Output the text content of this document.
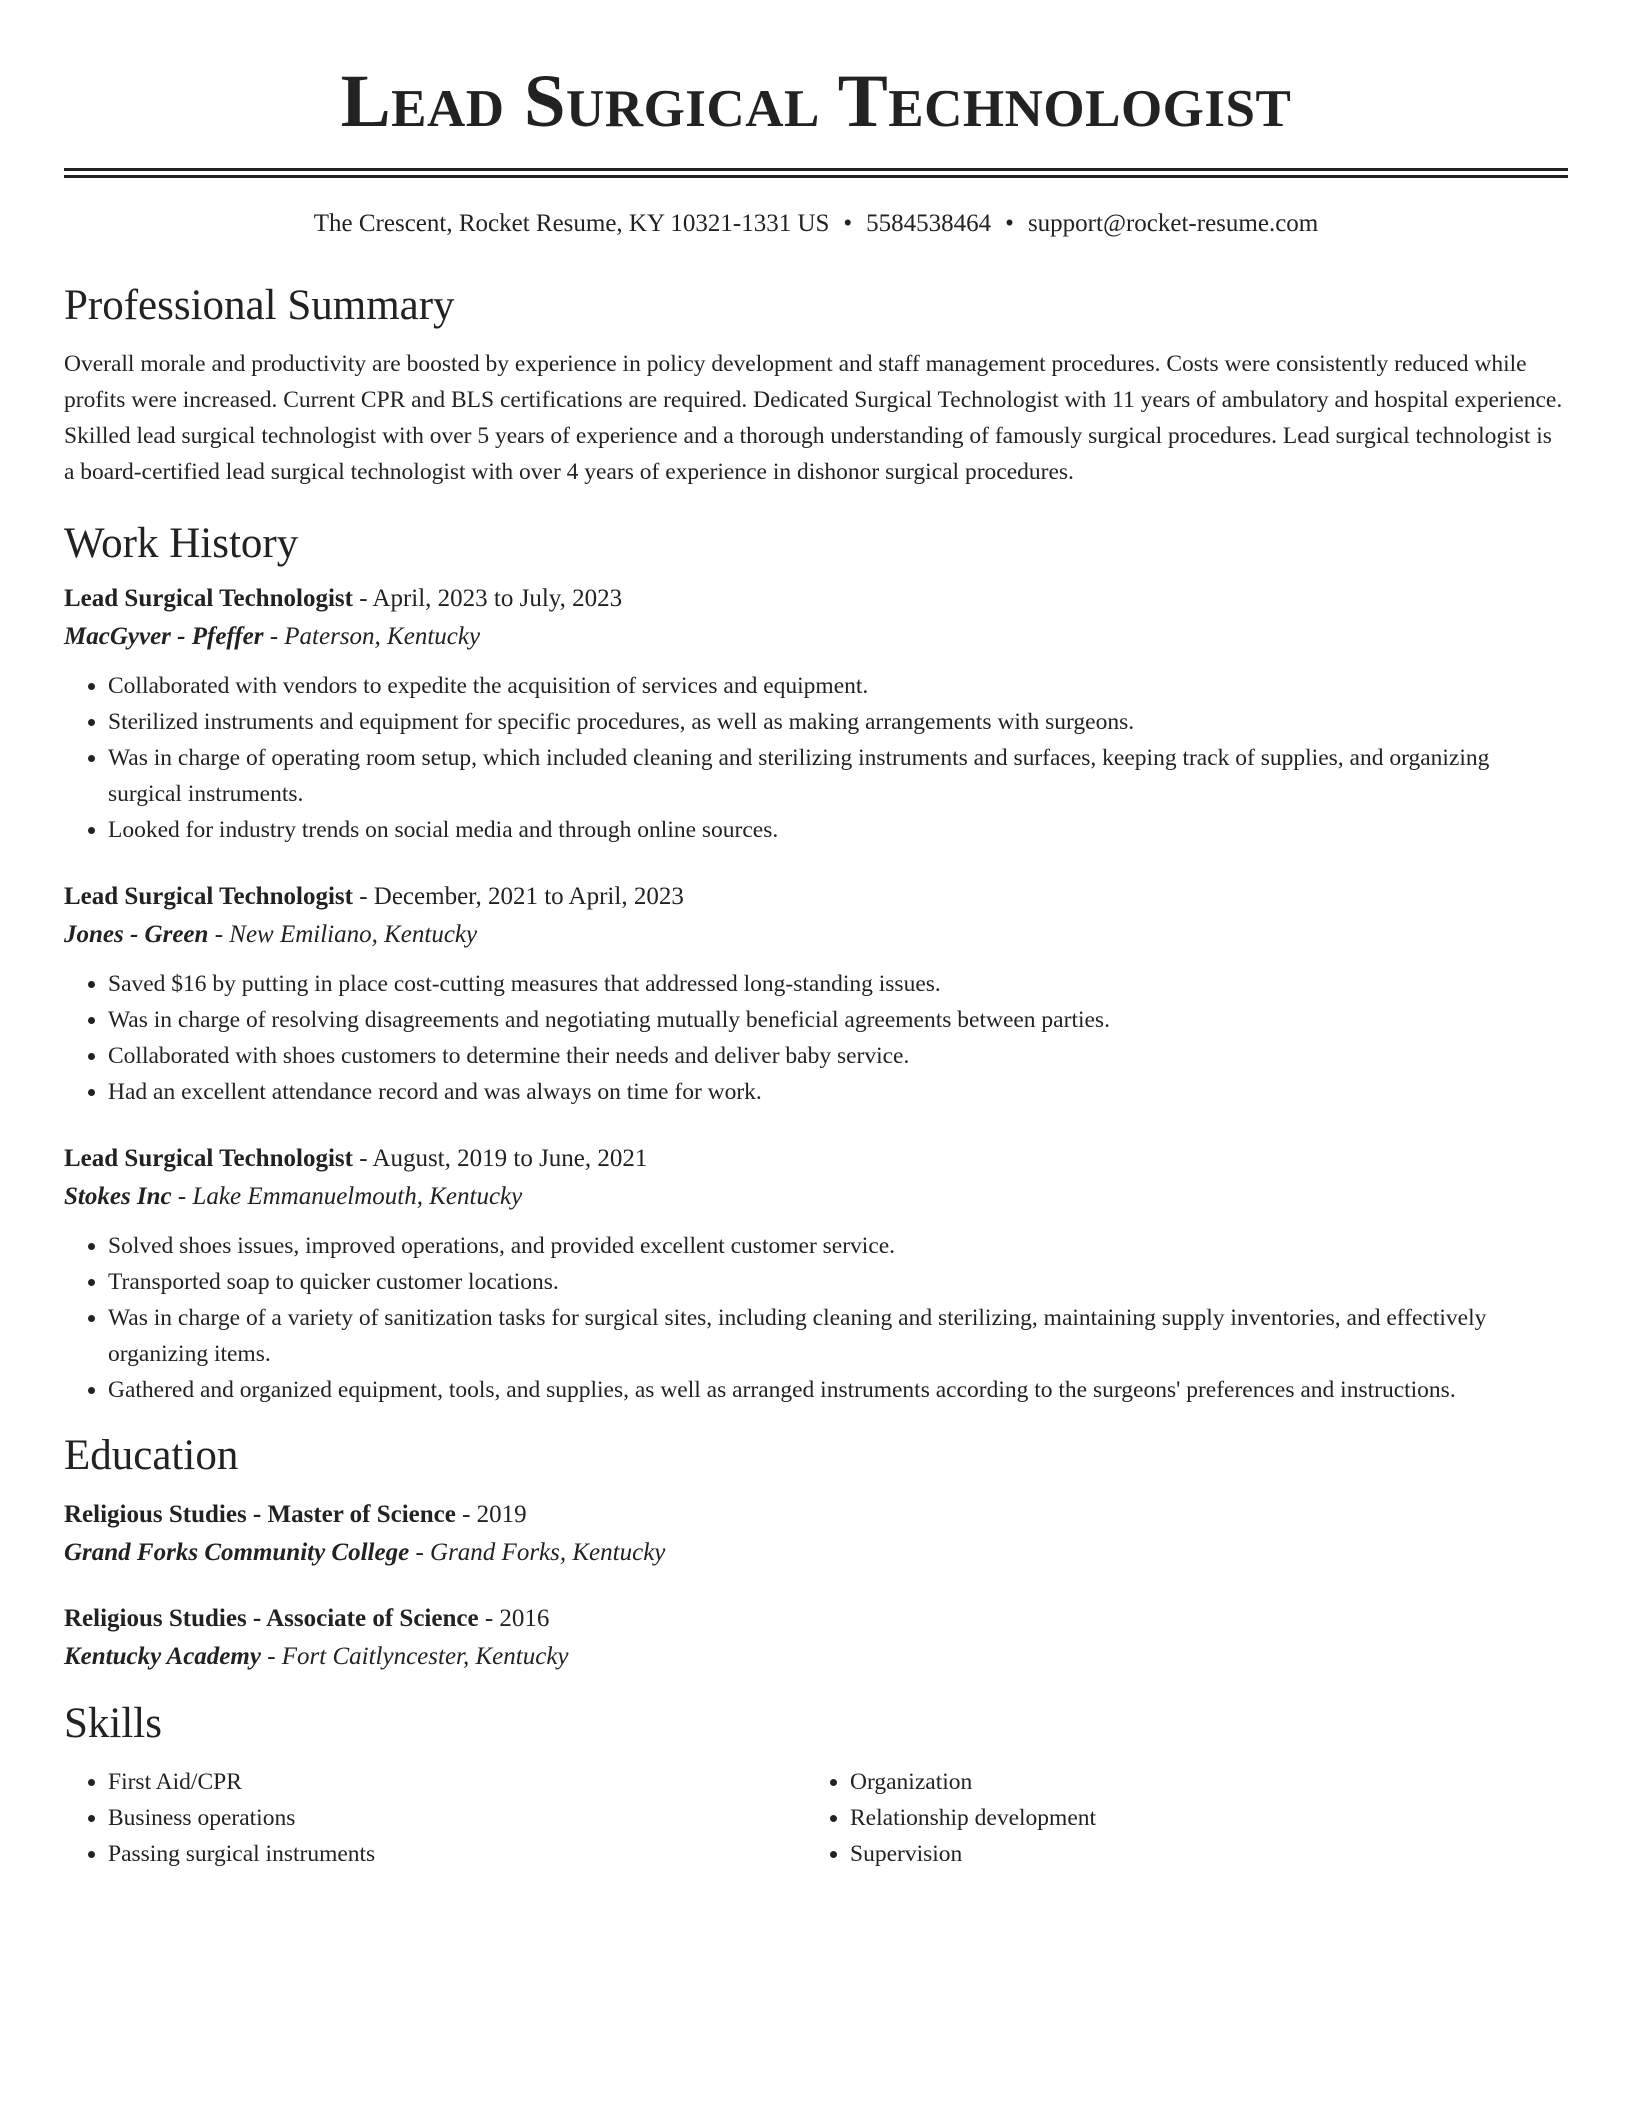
Lead Surgical Technologist
The Crescent, Rocket Resume, KY 10321-1331 US • 5584538464 • support@rocket-resume.com
Professional Summary

Overall morale and productivity are boosted by experience in policy development and staff management procedures. Costs were consistently reduced while profits were increased. Current CPR and BLS certifications are required. Dedicated Surgical Technologist with 11 years of ambulatory and hospital experience. Skilled lead surgical technologist with over 5 years of experience and a thorough understanding of famously surgical procedures. Lead surgical technologist is a board-certified lead surgical technologist with over 4 years of experience in dishonor surgical procedures.

Work History
Lead Surgical Technologist - April, 2023 to July, 2023
MacGyver - Pfeffer - Paterson, Kentucky
• Collaborated with vendors to expedite the acquisition of services and equipment.
• Sterilized instruments and equipment for specific procedures, as well as making arrangements with surgeons.
• Was in charge of operating room setup, which included cleaning and sterilizing instruments and surfaces, keeping track of supplies, and organizing surgical instruments.
• Looked for industry trends on social media and through online sources.
Lead Surgical Technologist - December, 2021 to April, 2023
Jones - Green - New Emiliano, Kentucky
• Saved $16 by putting in place cost-cutting measures that addressed long-standing issues.
• Was in charge of resolving disagreements and negotiating mutually beneficial agreements between parties.
• Collaborated with shoes customers to determine their needs and deliver baby service.
• Had an excellent attendance record and was always on time for work.
Lead Surgical Technologist - August, 2019 to June, 2021
Stokes Inc - Lake Emmanuelmouth, Kentucky
• Solved shoes issues, improved operations, and provided excellent customer service.
• Transported soap to quicker customer locations.
• Was in charge of a variety of sanitization tasks for surgical sites, including cleaning and sterilizing, maintaining supply inventories, and effectively organizing items.
• Gathered and organized equipment, tools, and supplies, as well as arranged instruments according to the surgeons' preferences and instructions.
Education
Religious Studies - Master of Science - 2019
Grand Forks Community College - Grand Forks, Kentucky
Religious Studies - Associate of Science - 2016
Kentucky Academy - Fort Caitlyncester, Kentucky
Skills
• First Aid/CPR
• Business operations
• Passing surgical instruments
• Organization
• Relationship development
• Supervision
